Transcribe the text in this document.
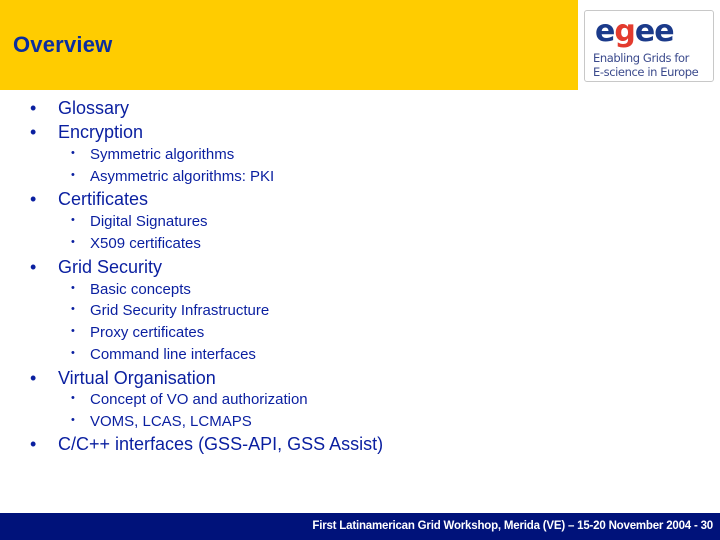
Overview	egee
Enabling Grids for
E-science in Europe
• Glossary
• Encryption
• Symmetric algorithms
• Asymmetric algorithms: PKI
• Certificates
• Digital Signatures
• X509 certificates
• Grid Security
• Basic concepts
• Grid Security Infrastructure
• Proxy certificates
• Command line interfaces
• Virtual Organisation
• Concept of VO and authorization
• VOMS, LCAS, LCMAPS
• C/C++ interfaces (GSS-API, GSS Assist)
First Latinamerican Grid Workshop, Merida (VE) – 15-20 November 2004 - 30
